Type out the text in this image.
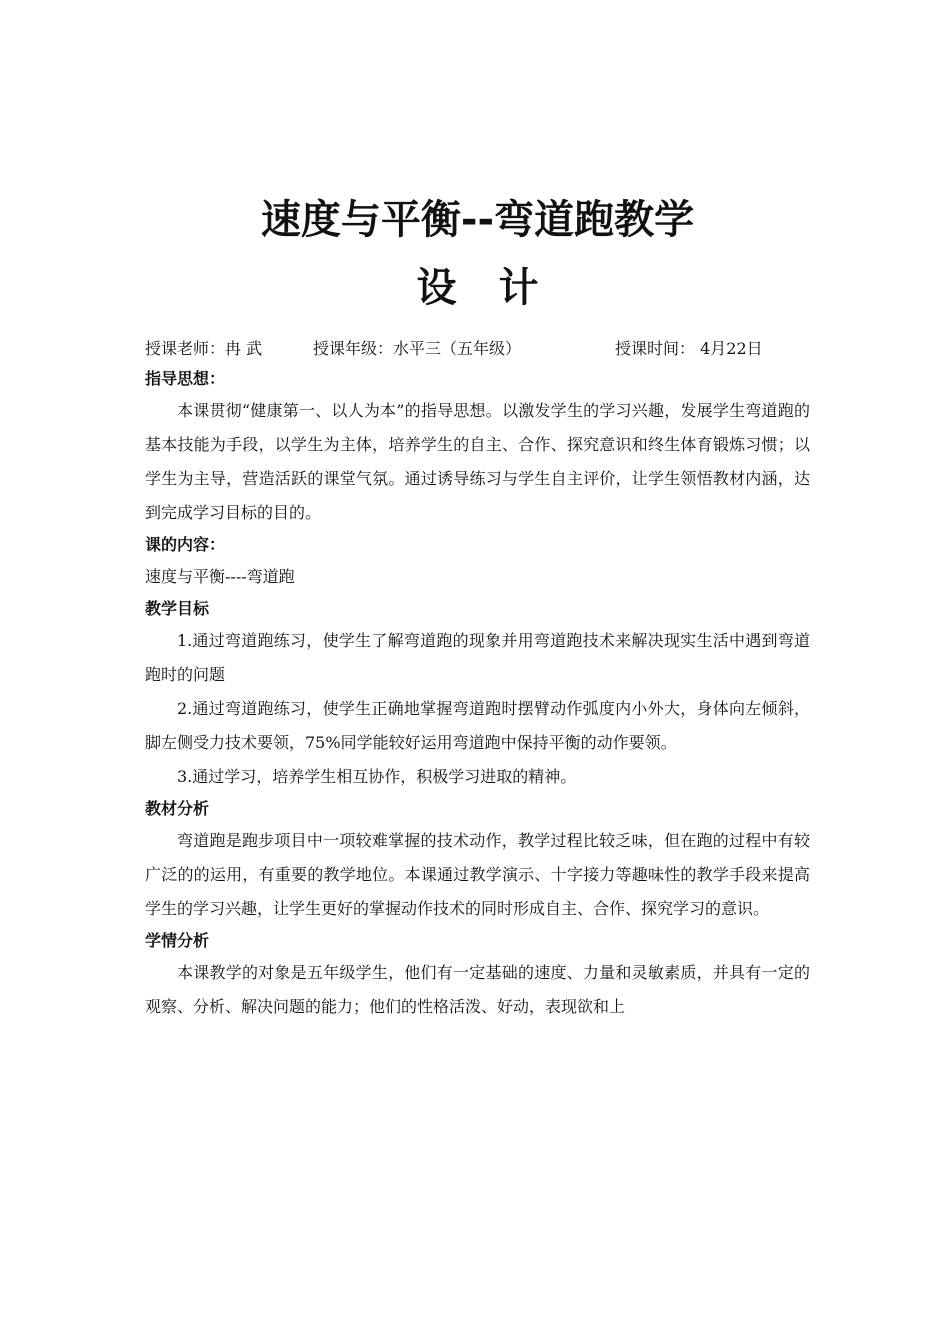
速度与平衡--弯道跑教学
设 计
授课老师：冉 武	授课年级：水平三（五年级）	授课时间： 4月22日

指导思想：

本课贯彻“健康第一、以人为本”的指导思想。以激发学生的学习兴趣，发展学生弯道跑的基本技能为手段，以学生为主体，培养学生的自主、合作、探究意识和终生体育锻炼习惯；以学生为主导，营造活跃的课堂气氛。通过诱导练习与学生自主评价，让学生领悟教材内涵，达到完成学习目标的目的。

课的内容：

速度与平衡----弯道跑

教学目标

1.通过弯道跑练习，使学生了解弯道跑的现象并用弯道跑技术来解决现实生活中遇到弯道跑时的问题

2.通过弯道跑练习，使学生正确地掌握弯道跑时摆臂动作弧度内小外大，身体向左倾斜，脚左侧受力技术要领，75%同学能较好运用弯道跑中保持平衡的动作要领。

3.通过学习，培养学生相互协作，积极学习进取的精神。

教材分析

弯道跑是跑步项目中一项较难掌握的技术动作，教学过程比较乏味，但在跑的过程中有较广泛的的运用，有重要的教学地位。本课通过教学演示、十字接力等趣味性的教学手段来提高学生的学习兴趣，让学生更好的掌握动作技术的同时形成自主、合作、探究学习的意识。

学情分析

本课教学的对象是五年级学生，他们有一定基础的速度、力量和灵敏素质，并具有一定的观察、分析、解决问题的能力；他们的性格活泼、好动，表现欲和上
